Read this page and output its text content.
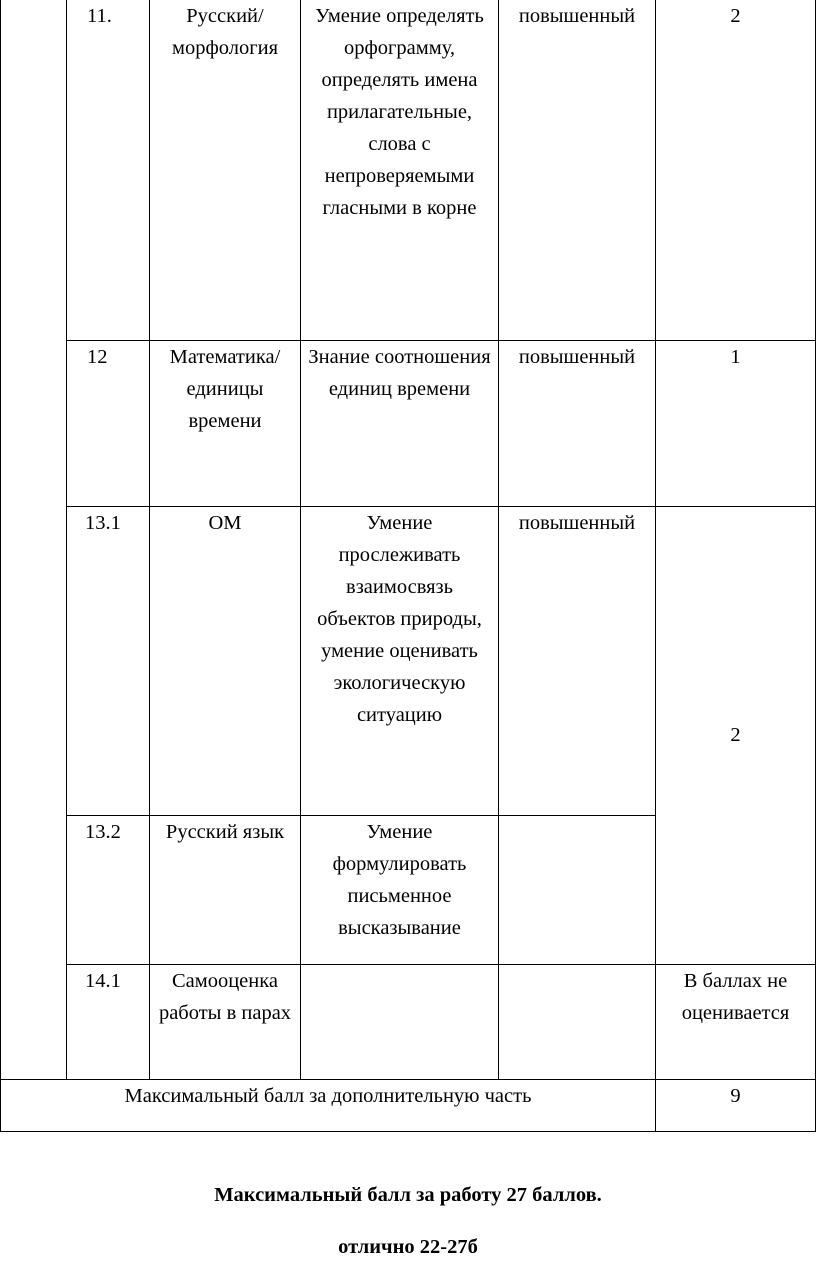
	11.	Русский/ морфология	Умение определять орфограмму, определять имена прилагательные, слова с непроверяемыми гласными в корне	повышенный	2
	12	Математика/ единицы времени	Знание соотношения единиц времени	повышенный	1
	13.1	ОМ	Умение прослеживать взаимосвязь объектов природы, умение оценивать экологическую ситуацию	повышенный	2
	13.2	Русский язык	Умение формулировать письменное высказывание		

	14.1	Самооценка работы в парах			В баллах не оценивается

Максимальный балл за дополнительную часть					9
Максимальный балл за работу 27 баллов.
отлично 22-27б
